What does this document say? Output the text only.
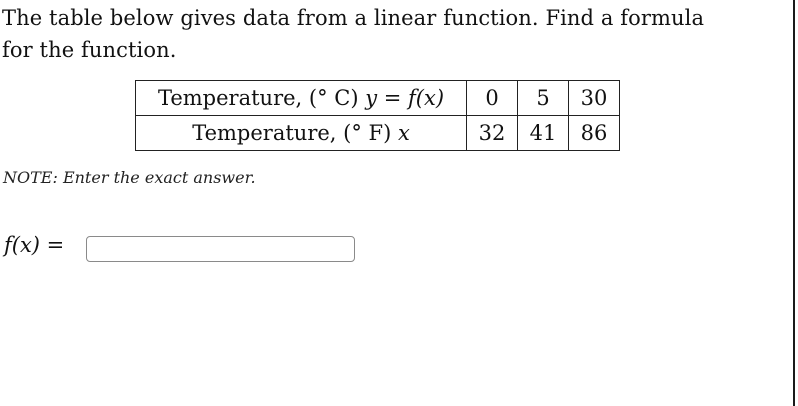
The table below gives data from a linear function. Find a formula
for the function.
Temperature, (° C) y = f(x)	0	5	30
Temperature, (° F) x	32	41	86
NOTE: Enter the exact answer.
f(x) =
